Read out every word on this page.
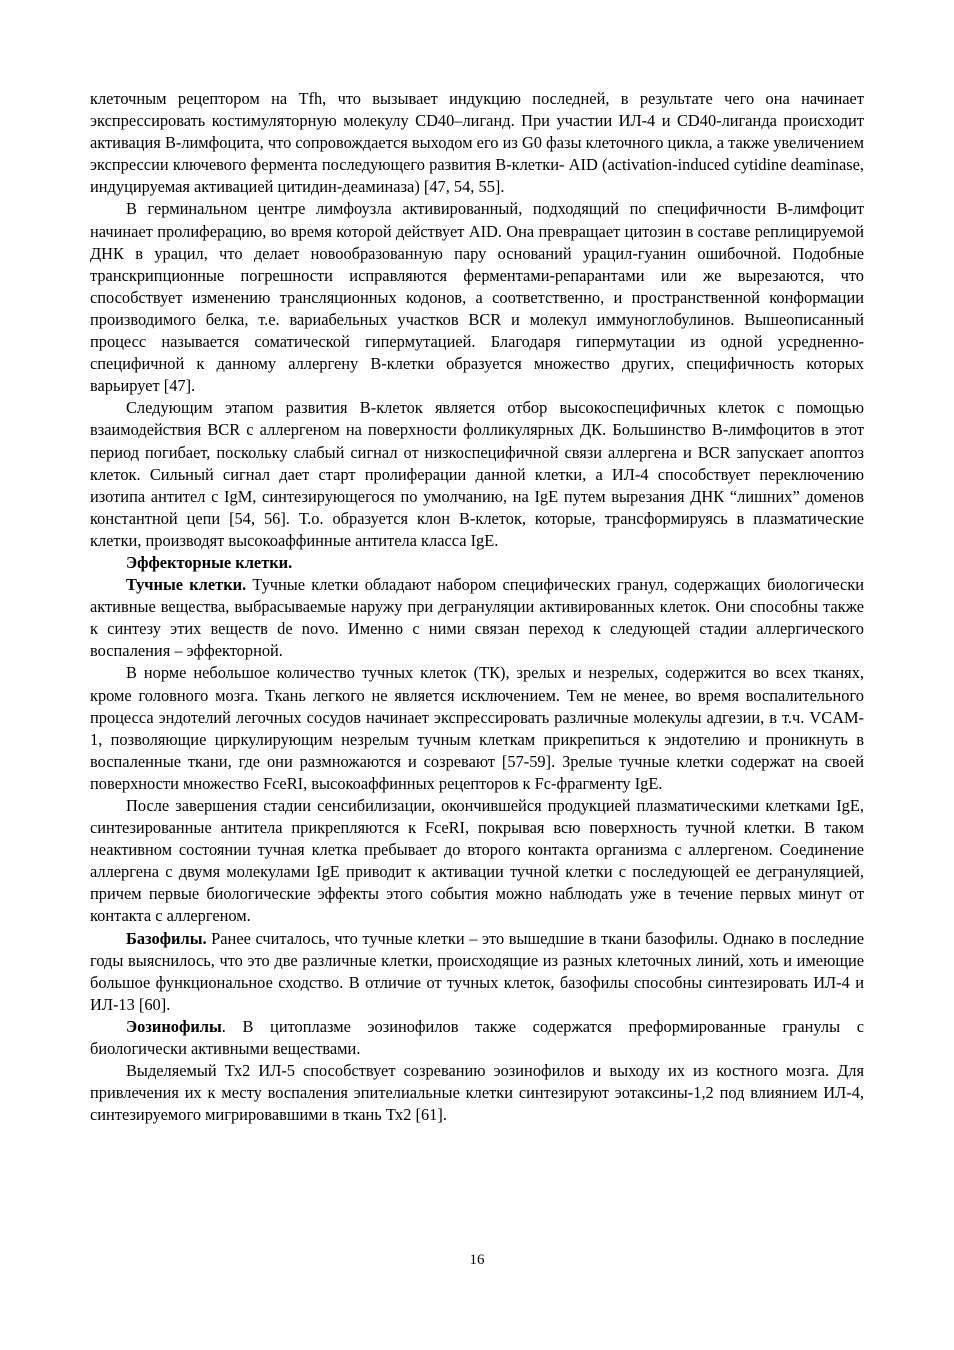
клеточным рецептором на Tfh, что вызывает индукцию последней, в результате чего она начинает экспрессировать костимуляторную молекулу CD40–лиганд. При участии ИЛ-4 и CD40-лиганда происходит активация В-лимфоцита, что сопровождается выходом его из G0 фазы клеточного цикла, а также увеличением экспрессии ключевого фермента последующего развития В-клетки- AID (activation-induced cytidine deaminase, индуцируемая активацией цитидин-деаминаза) [47, 54, 55].

В герминальном центре лимфоузла активированный, подходящий по специфичности В-лимфоцит начинает пролиферацию, во время которой действует AID. Она превращает цитозин в составе реплицируемой ДНК в урацил, что делает новообразованную пару оснований урацил-гуанин ошибочной. Подобные транскрипционные погрешности исправляются ферментами-репарантами или же вырезаются, что способствует изменению трансляционных кодонов, а соответственно, и пространственной конформации производимого белка, т.е. вариабельных участков BCR и молекул иммуноглобулинов. Вышеописанный процесс называется соматической гипермутацией. Благодаря гипермутации из одной усредненно-специфичной к данному аллергену В-клетки образуется множество других, специфичность которых варьирует [47].

Следующим этапом развития В-клеток является отбор высокоспецифичных клеток с помощью взаимодействия BCR с аллергеном на поверхности фолликулярных ДК. Большинство В-лимфоцитов в этот период погибает, поскольку слабый сигнал от низкоспецифичной связи аллергена и BCR запускает апоптоз клеток. Сильный сигнал дает старт пролиферации данной клетки, а ИЛ-4 способствует переключению изотипа антител с IgM, синтезирующегося по умолчанию, на IgE путем вырезания ДНК “лишних” доменов константной цепи [54, 56]. Т.о. образуется клон В-клеток, которые, трансформируясь в плазматические клетки, производят высокоаффинные антитела класса IgE.

Эффекторные клетки.

Тучные клетки. Тучные клетки обладают набором специфических гранул, содержащих биологически активные вещества, выбрасываемые наружу при дегрануляции активированных клеток. Они способны также к синтезу этих веществ de novo. Именно с ними связан переход к следующей стадии аллергического воспаления – эффекторной.

В норме небольшое количество тучных клеток (ТК), зрелых и незрелых, содержится во всех тканях, кроме головного мозга. Ткань легкого не является исключением. Тем не менее, во время воспалительного процесса эндотелий легочных сосудов начинает экспрессировать различные молекулы адгезии, в т.ч. VCAM-1, позволяющие циркулирующим незрелым тучным клеткам прикрепиться к эндотелию и проникнуть в воспаленные ткани, где они размножаются и созревают [57-59]. Зрелые тучные клетки содержат на своей поверхности множество FceRI, высокоаффинных рецепторов к Fc-фрагменту IgE.

После завершения стадии сенсибилизации, окончившейся продукцией плазматическими клетками IgE, синтезированные антитела прикрепляются к FceRI, покрывая всю поверхность тучной клетки. В таком неактивном состоянии тучная клетка пребывает до второго контакта организма с аллергеном. Соединение аллергена с двумя молекулами IgE приводит к активации тучной клетки с последующей ее дегрануляцией, причем первые биологические эффекты этого события можно наблюдать уже в течение первых минут от контакта с аллергеном.

Базофилы. Ранее считалось, что тучные клетки – это вышедшие в ткани базофилы. Однако в последние годы выяснилось, что это две различные клетки, происходящие из разных клеточных линий, хоть и имеющие большое функциональное сходство. В отличие от тучных клеток, базофилы способны синтезировать ИЛ-4 и ИЛ-13 [60].

Эозинофилы. В цитоплазме эозинофилов также содержатся преформированные гранулы с биологически активными веществами.

Выделяемый Тх2 ИЛ-5 способствует созреванию эозинофилов и выходу их из костного мозга. Для привлечения их к месту воспаления эпителиальные клетки синтезируют эотаксины-1,2 под влиянием ИЛ-4, синтезируемого мигрировавшими в ткань Тх2 [61].

16
